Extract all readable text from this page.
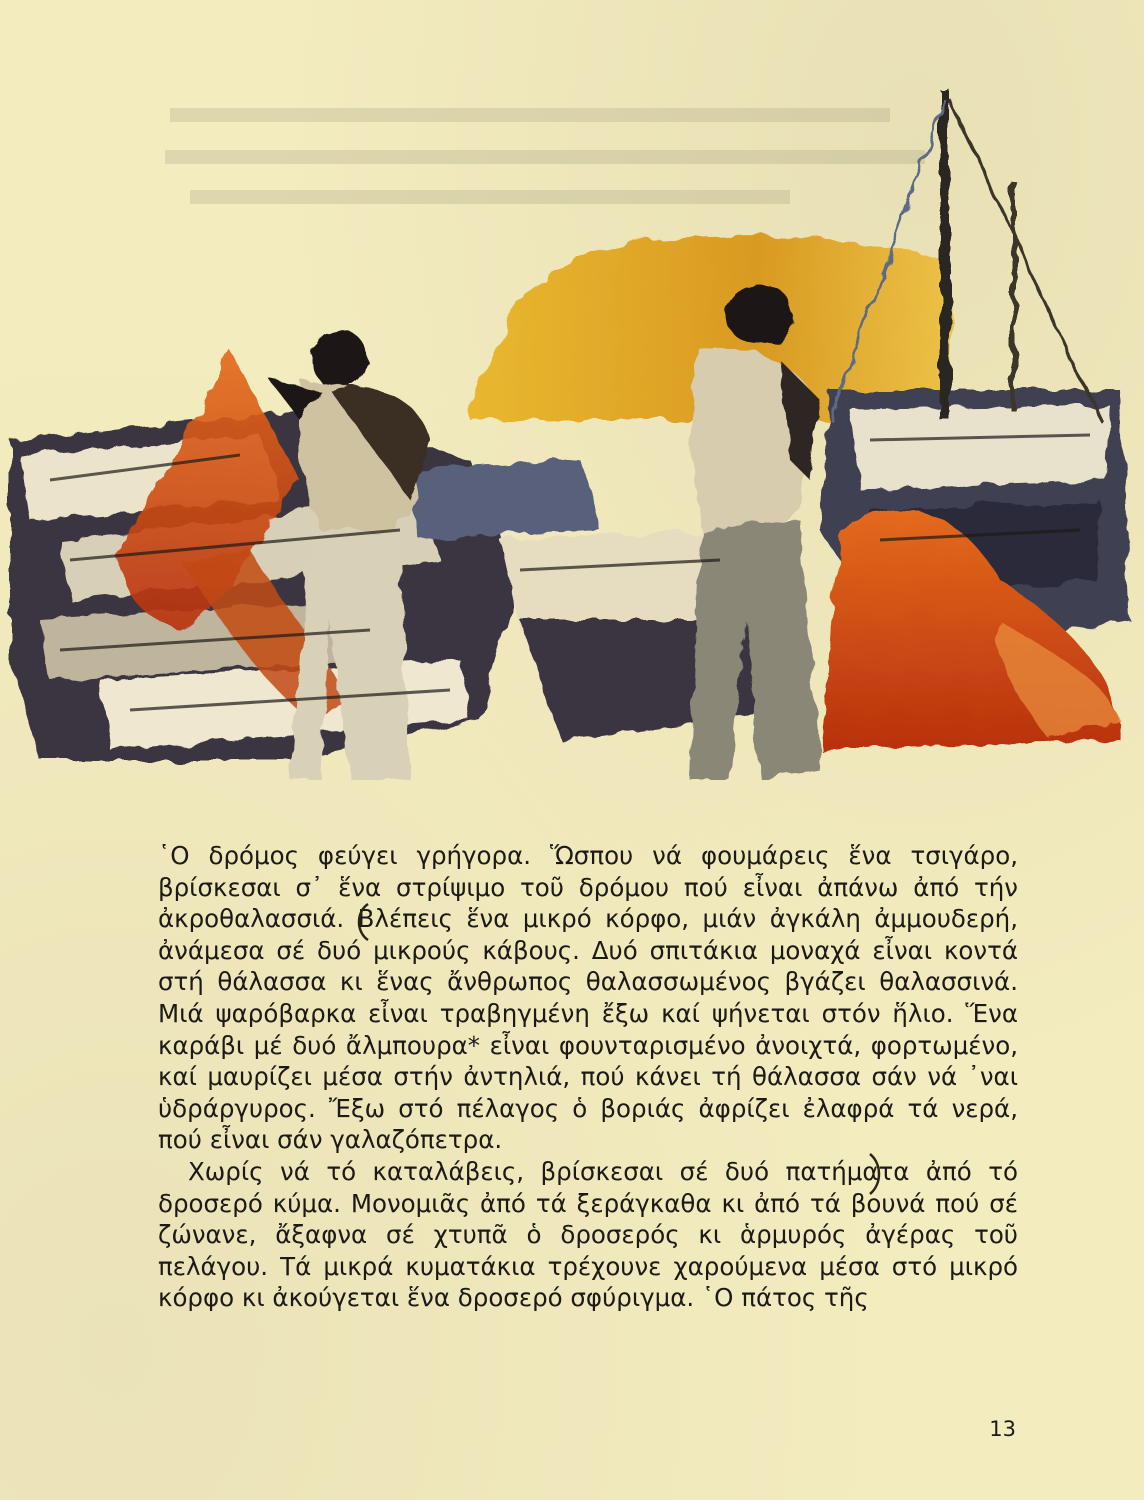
῾Ο δρόμος φεύγει γρήγορα. Ὥσπου νά φουμάρεις ἕνα τσιγάρο, βρίσκεσαι σ᾿ ἕνα στρίψιμο τοῦ δρόμου πού εἶναι ἀπάνω ἀπό τήν ἀκροθαλασσιά. Βλέπεις ἕνα μικρό κόρφο, μιάν ἀγκάλη ἀμμουδερή, ἀνάμεσα σέ δυό μικρούς κάβους. Δυό σπιτάκια μοναχά εἶναι κοντά στή θάλασσα κι ἕνας ἄνθρωπος θαλασσωμένος βγάζει θαλασσινά. Μιά ψαρόβαρκα εἶναι τραβηγμένη ἔξω καί ψήνεται στόν ἥλιο. Ἕνα καράβι μέ δυό ἄλμπουρα* εἶναι φουνταρισμένο ἀνοιχτά, φορτωμένο, καί μαυρίζει μέσα στήν ἀντηλιά, πού κάνει τή θάλασσα σάν νά ᾿ναι ὑδράργυρος. Ἔξω στό πέλαγος ὁ βοριάς ἀφρίζει ἐλαφρά τά νερά, πού εἶναι σάν γαλαζόπετρα.

Χωρίς νά τό καταλάβεις, βρίσκεσαι σέ δυό πατήματα ἀπό τό δροσερό κύμα. Μονομιᾶς ἀπό τά ξεράγκαθα κι ἀπό τά βουνά πού σέ ζώνανε, ἄξαφνα σέ χτυπᾶ ὁ δροσερός κι ἁρμυρός ἀγέρας τοῦ πελάγου. Τά μικρά κυματάκια τρέχουνε χαρούμενα μέσα στό μικρό κόρφο κι ἀκούγεται ἕνα δροσερό σφύριγμα. ῾Ο πάτος τῆς

13
